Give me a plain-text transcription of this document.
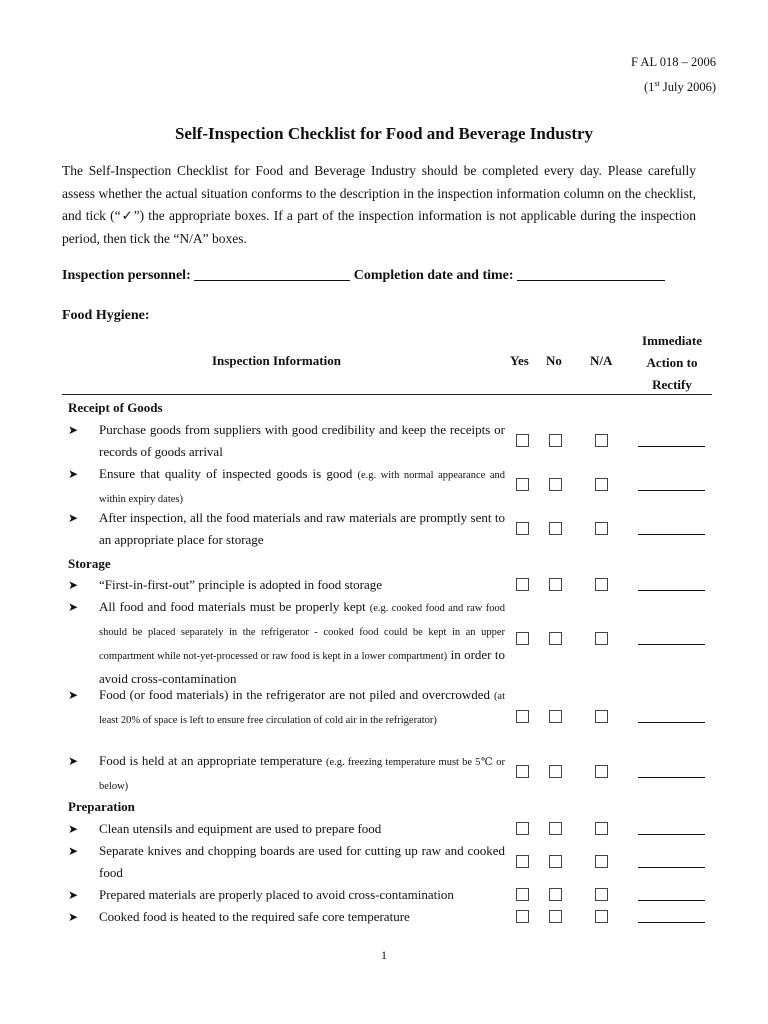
F AL 018 – 2006
(1st July 2006)
Self-Inspection Checklist for Food and Beverage Industry
The Self-Inspection Checklist for Food and Beverage Industry should be completed every day. Please carefully assess whether the actual situation conforms to the description in the inspection information column on the checklist, and tick (“✓”) the appropriate boxes. If a part of the inspection information is not applicable during the inspection period, then tick the “N/A” boxes.
Inspection personnel:	Completion date and time:
Food Hygiene:
Inspection Information	Yes No N/A
Immediate
Action to
Rectify
Receipt of Goods
➤ Purchase goods from suppliers with good credibility and keep the receipts or records of goods arrival
➤ Ensure that quality of inspected goods is good (e.g. with normal appearance and within expiry dates)
➤ After inspection, all the food materials and raw materials are promptly sent to an appropriate place for storage
Storage
➤ “First-in-first-out” principle is adopted in food storage
➤ All food and food materials must be properly kept (e.g. cooked food and raw food should be placed separately in the refrigerator - cooked food could be kept in an upper compartment while not-yet-processed or raw food is kept in a lower compartment) in order to avoid cross-contamination
➤ Food (or food materials) in the refrigerator are not piled and overcrowded (at least 20% of space is left to ensure free circulation of cold air in the refrigerator)
➤ Food is held at an appropriate temperature (e.g. freezing temperature must be 5℃ or below)
Preparation
➤ Clean utensils and equipment are used to prepare food
➤ Separate knives and chopping boards are used for cutting up raw and cooked food
➤ Prepared materials are properly placed to avoid cross-contamination
➤ Cooked food is heated to the required safe core temperature
1
